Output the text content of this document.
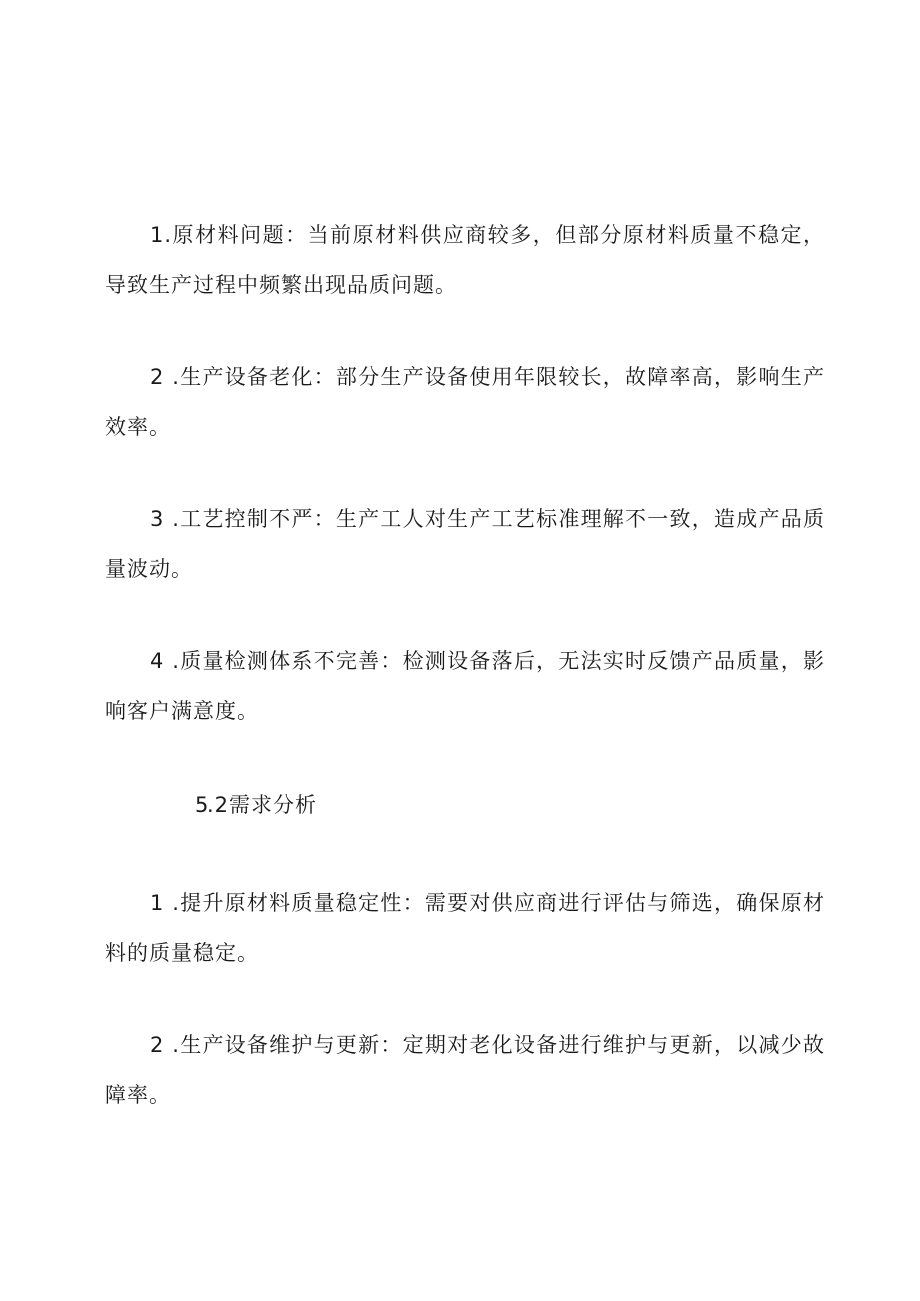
1.原材料问题：当前原材料供应商较多，但部分原材料质量不稳定，导致生产过程中频繁出现品质问题。

2 .生产设备老化：部分生产设备使用年限较长，故障率高，影响生产效率。

3 .工艺控制不严：生产工人对生产工艺标准理解不一致，造成产品质量波动。

4 .质量检测体系不完善：检测设备落后，无法实时反馈产品质量，影响客户满意度。

5.2需求分析

1 .提升原材料质量稳定性：需要对供应商进行评估与筛选，确保原材料的质量稳定。

2 .生产设备维护与更新：定期对老化设备进行维护与更新，以减少故障率。
